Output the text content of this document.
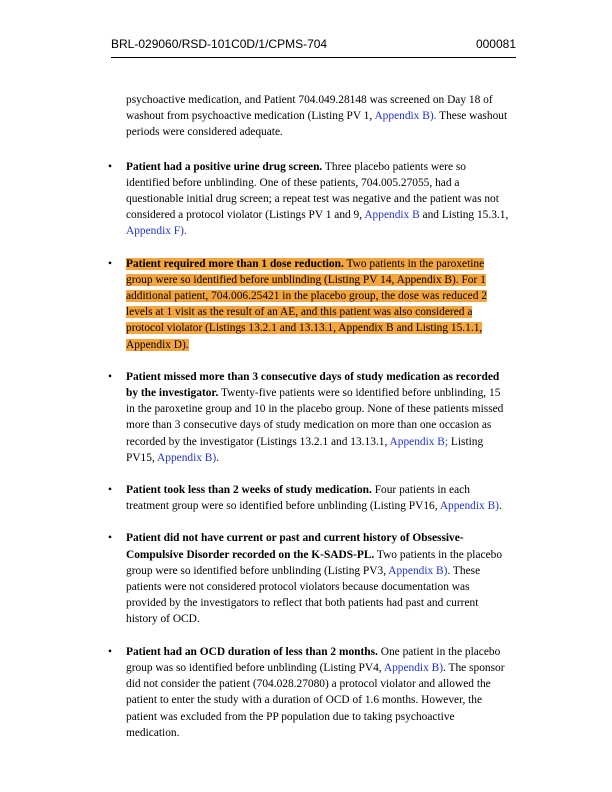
BRL-029060/RSD-101C0D/1/CPMS-704	000081

psychoactive medication, and Patient 704.049.28148 was screened on Day 18 of washout from psychoactive medication (Listing PV 1, Appendix B). These washout periods were considered adequate.

• Patient had a positive urine drug screen. Three placebo patients were so identified before unblinding. One of these patients, 704.005.27055, had a questionable initial drug screen; a repeat test was negative and the patient was not considered a protocol violator (Listings PV 1 and 9, Appendix B and Listing 15.3.1, Appendix F).
• Patient required more than 1 dose reduction. Two patients in the paroxetine group were so identified before unblinding (Listing PV 14, Appendix B). For 1 additional patient, 704.006.25421 in the placebo group, the dose was reduced 2 levels at 1 visit as the result of an AE, and this patient was also considered a protocol violator (Listings 13.2.1 and 13.13.1, Appendix B and Listing 15.1.1, Appendix D).
• Patient missed more than 3 consecutive days of study medication as recorded by the investigator. Twenty-five patients were so identified before unblinding, 15 in the paroxetine group and 10 in the placebo group. None of these patients missed more than 3 consecutive days of study medication on more than one occasion as recorded by the investigator (Listings 13.2.1 and 13.13.1, Appendix B; Listing PV15, Appendix B).
• Patient took less than 2 weeks of study medication. Four patients in each treatment group were so identified before unblinding (Listing PV16, Appendix B).
• Patient did not have current or past and current history of Obsessive-Compulsive Disorder recorded on the K-SADS-PL. Two patients in the placebo group were so identified before unblinding (Listing PV3, Appendix B). These patients were not considered protocol violators because documentation was provided by the investigators to reflect that both patients had past and current history of OCD.
• Patient had an OCD duration of less than 2 months. One patient in the placebo group was so identified before unblinding (Listing PV4, Appendix B). The sponsor did not consider the patient (704.028.27080) a protocol violator and allowed the patient to enter the study with a duration of OCD of 1.6 months. However, the patient was excluded from the PP population due to taking psychoactive medication.
